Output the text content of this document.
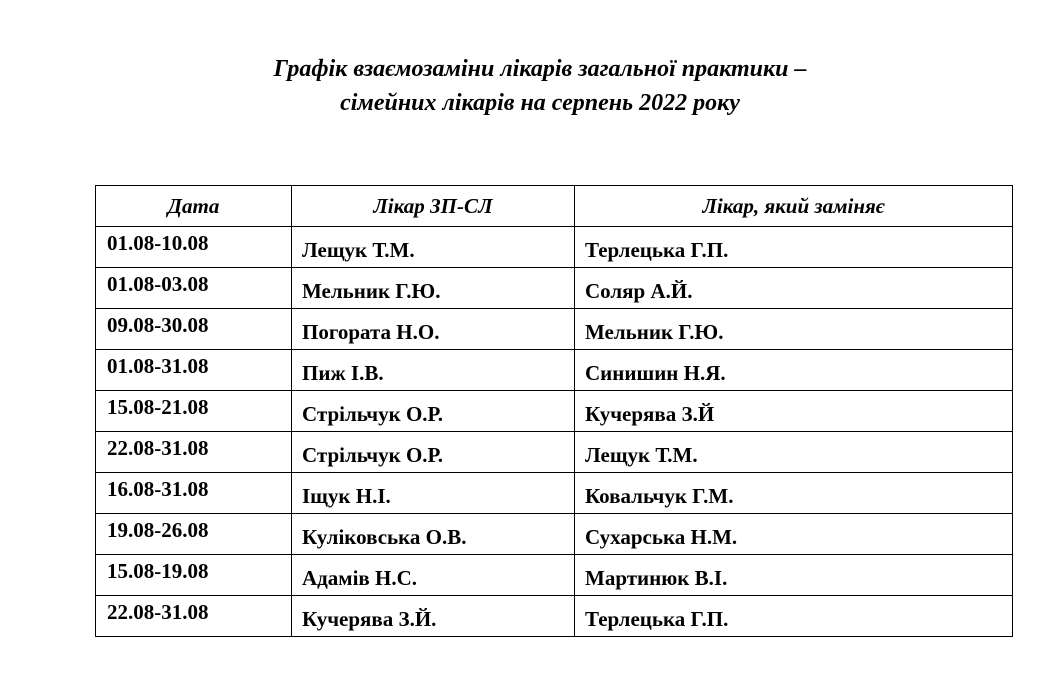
Графік взаємозаміни лікарів загальної практики –
сімейних лікарів на серпень 2022 року
Дата	Лікар ЗП-СЛ	Лікар, який заміняє
01.08-10.08	Лещук Т.М.	Терлецька Г.П.
01.08-03.08	Мельник Г.Ю.	Соляр А.Й.
09.08-30.08	Погората Н.О.	Мельник Г.Ю.
01.08-31.08	Пиж І.В.	Синишин Н.Я.
15.08-21.08	Стрільчук О.Р.	Кучерява З.Й
22.08-31.08	Стрільчук О.Р.	Лещук Т.М.
16.08-31.08	Іщук Н.І.	Ковальчук Г.М.
19.08-26.08	Куліковська О.В.	Сухарська Н.М.
15.08-19.08	Адамів Н.С.	Мартинюк В.І.
22.08-31.08	Кучерява З.Й.	Терлецька Г.П.
